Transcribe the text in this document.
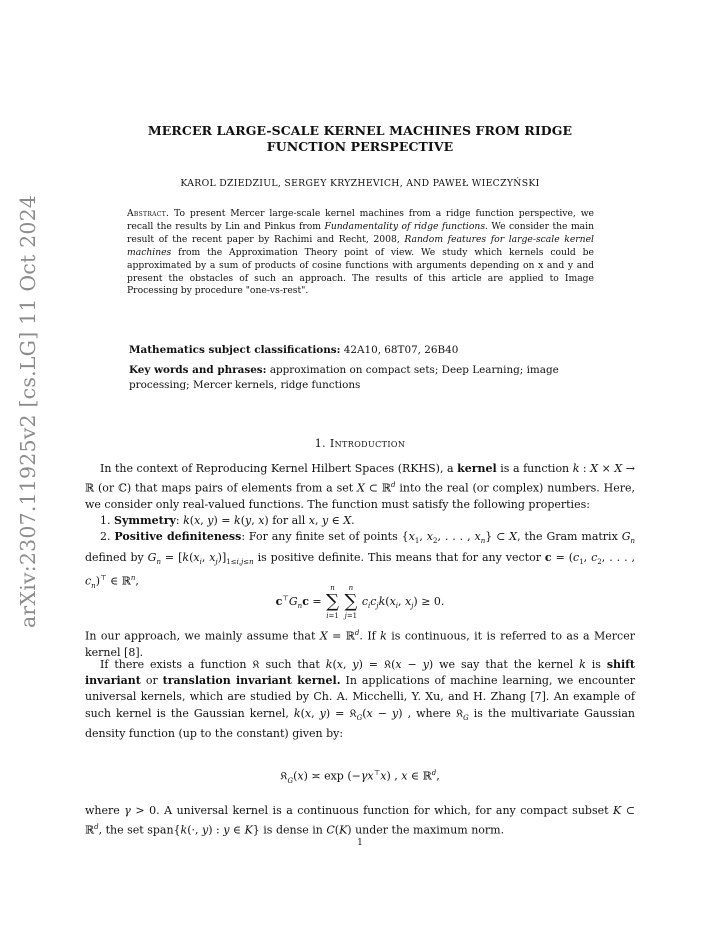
arXiv:2307.11925v2 [cs.LG] 11 Oct 2024
MERCER LARGE-SCALE KERNEL MACHINES FROM RIDGE
FUNCTION PERSPECTIVE
KAROL DZIEDZIUL, SERGEY KRYZHEVICH, AND PAWEŁ WIECZYŃSKI
Abstract. To present Mercer large-scale kernel machines from a ridge function perspective, we recall the results by Lin and Pinkus from Fundamentality of ridge functions. We consider the main result of the recent paper by Rachimi and Recht, 2008, Random features for large-scale kernel machines from the Approximation Theory point of view. We study which kernels could be approximated by a sum of products of cosine functions with arguments depending on x and y and present the obstacles of such an approach. The results of this article are applied to Image Processing by procedure "one-vs-rest".
Mathematics subject classifications: 42A10, 68T07, 26B40
Key words and phrases: approximation on compact sets; Deep Learning; image processing; Mercer kernels, ridge functions
1. Introduction
In the context of Reproducing Kernel Hilbert Spaces (RKHS), a kernel is a function k : X × X → ℝ (or ℂ) that maps pairs of elements from a set X ⊂ ℝ$^d$ into the real (or complex) numbers. Here, we consider only real-valued functions. The function must satisfy the following properties:
1. Symmetry: k(x, y) = k(y, x) for all x, y ∈ X.
2. Positive definiteness: For any finite set of points {$x_1$, $x_2$, . . . , $x_n$} ⊂ X, the Gram matrix $G_n$ defined by $G_n = [k(x_i$, $x_j)]_{1\le i,j\le n}$ is positive definite. This means that for any vector $c = (c_1$, $c_2$, . . . , $c_n)^⊤$ ∈ ℝ$^n$,
$c^⊤G_nc$ =
n
∑
i=1

n
∑
j=1
$c_ic_jk(x_i$, $x_j) \ge 0$.
In our approach, we mainly assume that X = ℝ$^d$. If k is continuous, it is referred to as a Mercer kernel [8].
If there exists a function 𝔎 such that k(x, y) = 𝔎(x − y) we say that the kernel k is shift invariant or translation invariant kernel. In applications of machine learning, we encounter universal kernels, which are studied by Ch. A. Micchelli, Y. Xu, and H. Zhang [7]. An example of such kernel is the Gaussian kernel, k(x, y) = 𝔎$_G$(x − y) , where 𝔎$_G$ is the multivariate Gaussian density function (up to the constant) given by:
𝔎$_G$(x) ≍ exp (−γx⊤x) , x ∈ ℝ$^d$,
where γ > 0. A universal kernel is a continuous function for which, for any compact subset K ⊂ ℝ$^d$, the set span{k(·, y) : y ∈ K} is dense in C(K) under the maximum norm.
1
